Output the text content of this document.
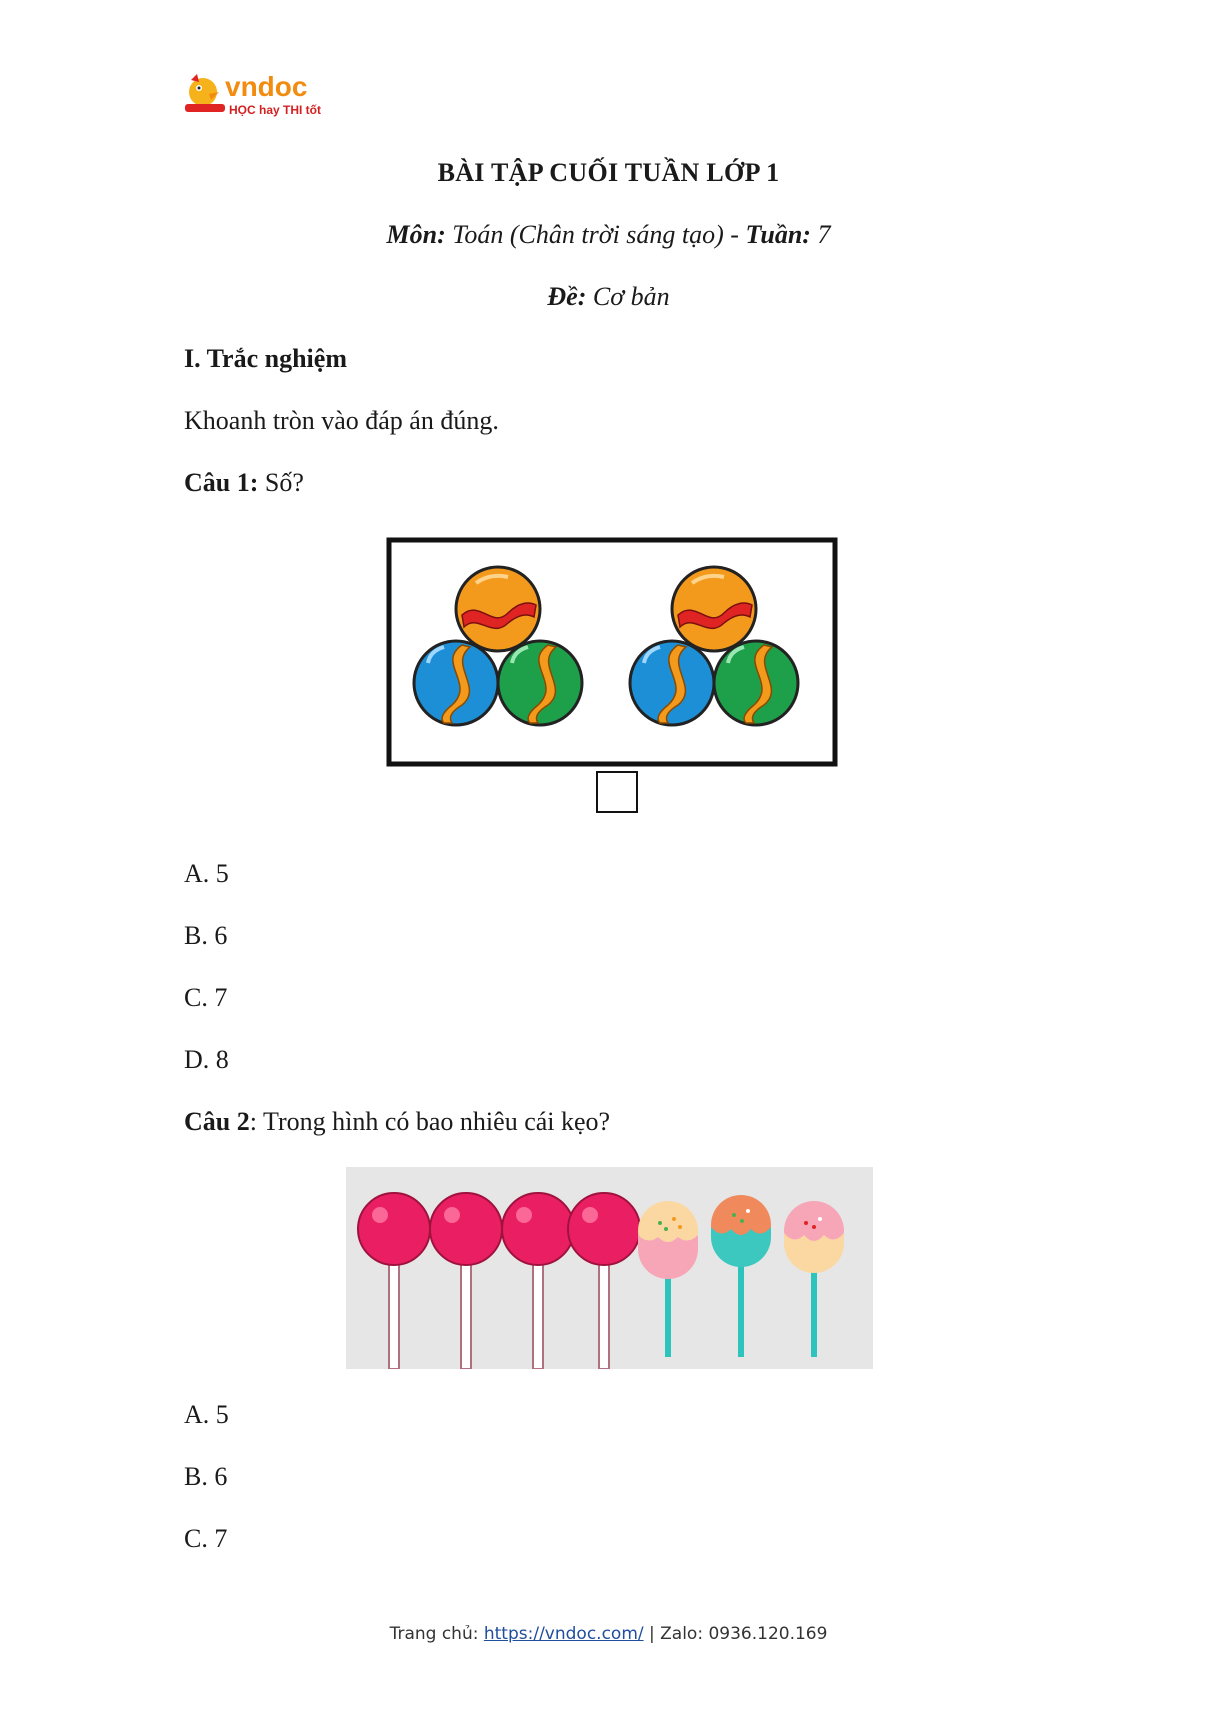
vndoc
HỌC hay THI tốt
BÀI TẬP CUỐI TUẦN LỚP 1
Môn: Toán (Chân trời sáng tạo) - Tuần: 7
Đề: Cơ bản
I. Trắc nghiệm
Khoanh tròn vào đáp án đúng.
Câu 1: Số?
A. 5
B. 6
C. 7
D. 8
Câu 2: Trong hình có bao nhiêu cái kẹo?
A. 5
B. 6
C. 7
Trang chủ: https://vndoc.com/ | Zalo: 0936.120.169
